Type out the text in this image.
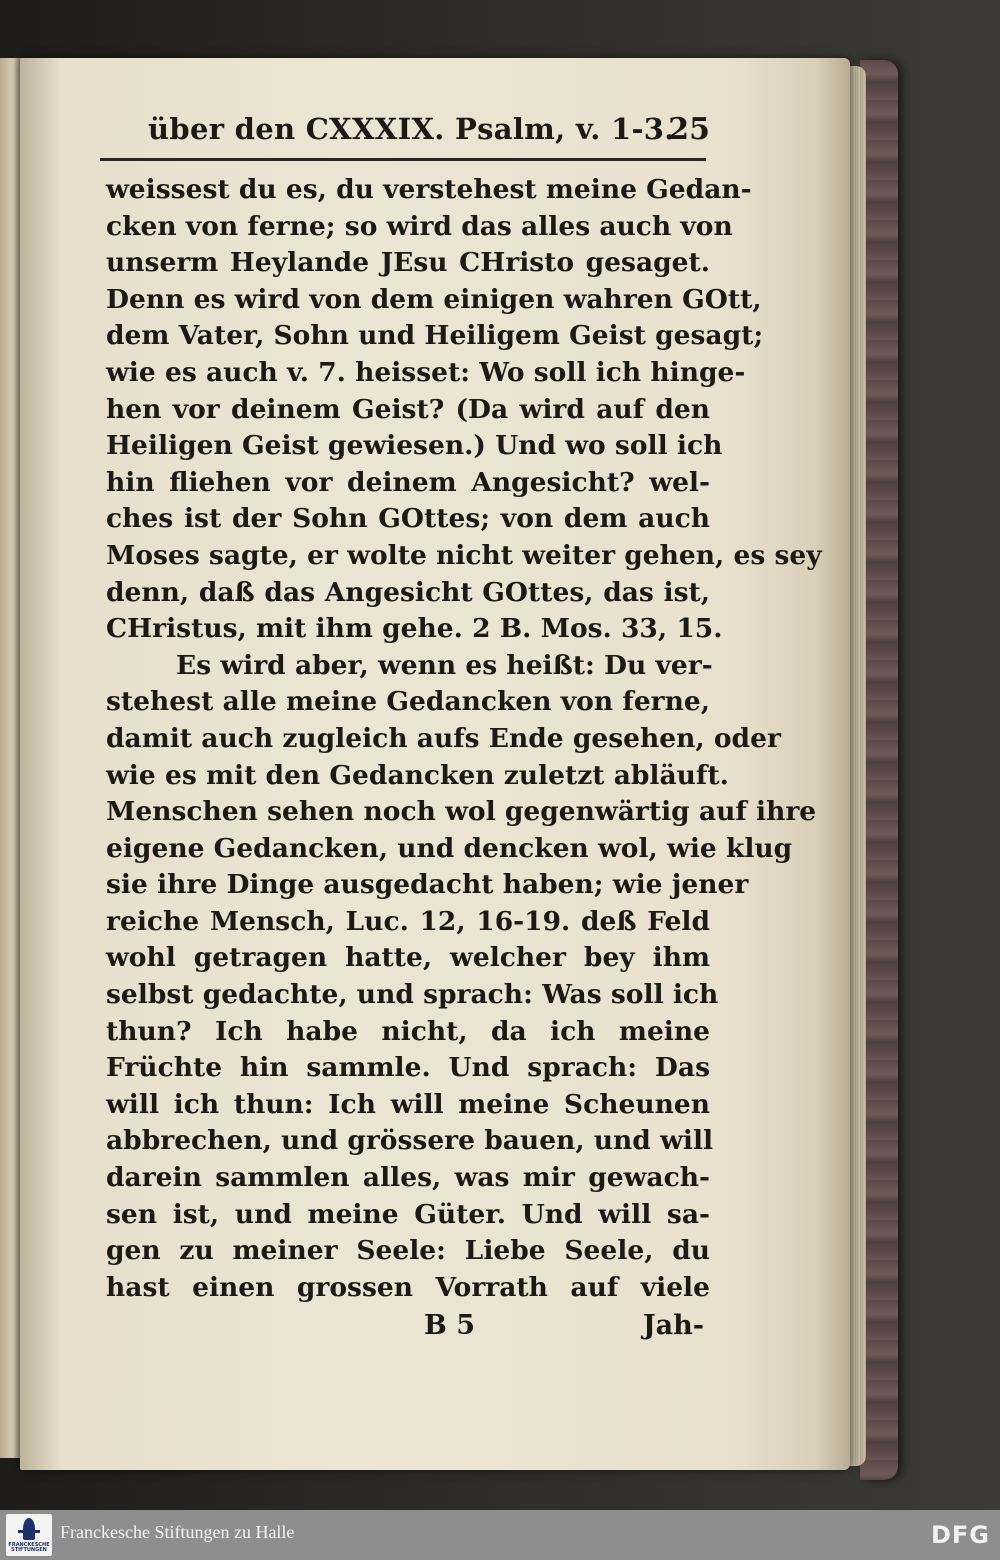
über den CXXXIX. Psalm, v. 1-3.
25
weissest du es, du verstehest meine Gedan-
cken von ferne; so wird das alles auch von
unserm Heylande JEsu CHristo gesaget.
Denn es wird von dem einigen wahren GOtt,
dem Vater, Sohn und Heiligem Geist gesagt;
wie es auch v. 7. heisset: Wo soll ich hinge-
hen vor deinem Geist? (Da wird auf den
Heiligen Geist gewiesen.) Und wo soll ich
hin fliehen vor deinem Angesicht? wel-
ches ist der Sohn GOttes; von dem auch
Moses sagte, er wolte nicht weiter gehen, es sey
denn, daß das Angesicht GOttes, das ist,
CHristus, mit ihm gehe. 2 B. Mos. 33, 15.
Es wird aber, wenn es heißt: Du ver-
stehest alle meine Gedancken von ferne,
damit auch zugleich aufs Ende gesehen, oder
wie es mit den Gedancken zuletzt abläuft.
Menschen sehen noch wol gegenwärtig auf ihre
eigene Gedancken, und dencken wol, wie klug
sie ihre Dinge ausgedacht haben; wie jener
reiche Mensch, Luc. 12, 16-19. deß Feld
wohl getragen hatte, welcher bey ihm
selbst gedachte, und sprach: Was soll ich
thun? Ich habe nicht, da ich meine
Früchte hin sammle. Und sprach: Das
will ich thun: Ich will meine Scheunen
abbrechen, und grössere bauen, und will
darein sammlen alles, was mir gewach-
sen ist, und meine Güter. Und will sa-
gen zu meiner Seele: Liebe Seele, du
hast einen grossen Vorrath auf viele
B 5	Jah-
FRANCKESCHE STIFTUNGEN
Franckesche Stiftungen zu Halle	DFG
